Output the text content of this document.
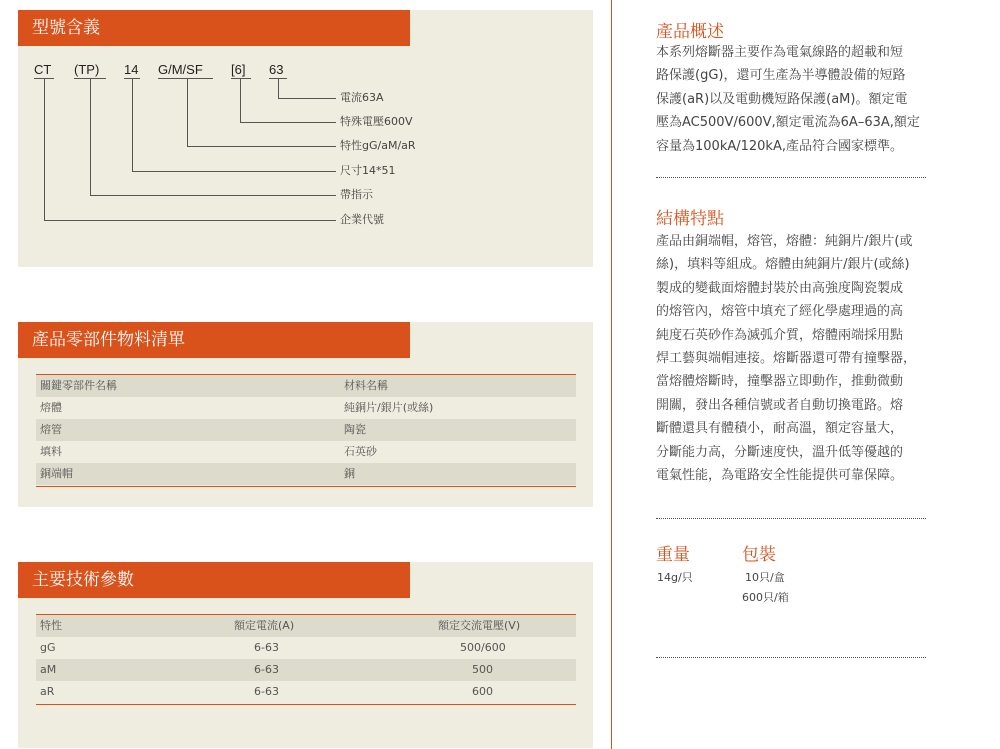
型號含義
CT (TP) 14 G/M/SF [6] 63
電流63A
特殊電壓600V
特性gG/aM/aR
尺寸14*51
帶指示
企業代號
產品零部件物料清單
關鍵零部件名稱	材料名稱
熔體	純銅片/銀片(或絲)
熔管	陶瓷
填料	石英砂
銅端帽	銅
主要技術參數
特性	額定電流(A)	額定交流電壓(V)
gG	6-63	500/600
aM	6-63	500
aR	6-63	600
產品概述
本系列熔斷器主要作為電氣線路的超載和短
路保護(gG)，還可生產為半導體設備的短路
保護(aR)以及電動機短路保護(aM)。額定電
壓為AC500V/600V,額定電流為6A–63A,額定
容量為100kA/120kA,產品符合國家標準。
結構特點
產品由銅端帽，熔管，熔體：純銅片/銀片(或
絲)，填料等組成。熔體由純銅片/銀片(或絲)
製成的變截面熔體封裝於由高強度陶瓷製成
的熔管內，熔管中填充了經化學處理過的高
純度石英砂作為滅弧介質，熔體兩端採用點
焊工藝與端帽連接。熔斷器還可帶有撞擊器，
當熔體熔斷時，撞擊器立即動作，推動微動
開關，發出各種信號或者自動切換電路。熔
斷體還具有體積小，耐高溫，額定容量大，
分斷能力高，分斷速度快，溫升低等優越的
電氣性能，為電路安全性能提供可靠保障。
重量	包裝
14g/只	10只/盒
600只/箱
